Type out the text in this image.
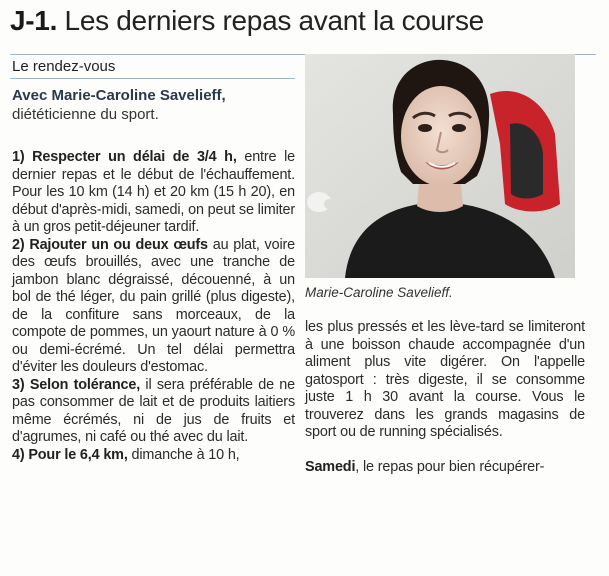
J-1. Les derniers repas avant la course
Le rendez-vous
Avec Marie-Caroline Savelieff,
diététicienne du sport.

1) Respecter un délai de 3/4 h, entre le dernier repas et le début de l'échauffement. Pour les 10 km (14 h) et 20 km (15 h 20), en début d'après-midi, samedi, on peut se limiter à un gros petit-déjeuner tardif.

2) Rajouter un ou deux œufs au plat, voire des œufs brouillés, avec une tranche de jambon blanc dégraissé, découenné, à un bol de thé léger, du pain grillé (plus digeste), de la confiture sans morceaux, de la compote de pommes, un yaourt nature à 0 % ou demi-écrémé. Un tel délai permettra d'éviter les douleurs d'estomac.

3) Selon tolérance, il sera préférable de ne pas consommer de lait et de produits laitiers même écrémés, ni de jus de fruits et d'agrumes, ni café ou thé avec du lait.

4) Pour le 6,4 km, dimanche à 10 h,

Marie-Caroline Savelieff.

les plus pressés et les lève-tard se limiteront à une boisson chaude accompagnée d'un aliment plus vite digérer. On l'appelle gatosport : très digeste, il se consomme juste 1 h 30 avant la course. Vous le trouverez dans les grands magasins de sport ou de running spécialisés.

Samedi, le repas pour bien récupérer-
